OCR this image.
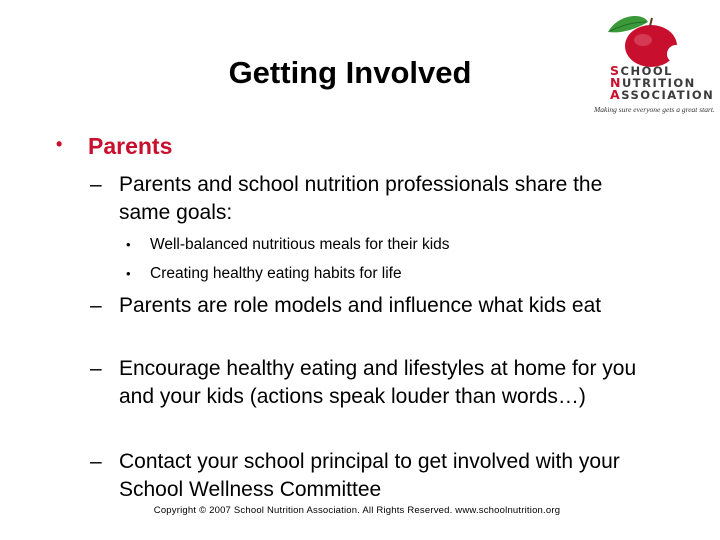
Getting Involved	SCHOOL
NUTRITION
ASSOCIATION
Making sure everyone gets a great start.
• Parents
– Parents and school nutrition professionals share the same goals:
• Well-balanced nutritious meals for their kids
• Creating healthy eating habits for life
– Parents are role models and influence what kids eat
– Encourage healthy eating and lifestyles at home for you and your kids (actions speak louder than words…)
– Contact your school principal to get involved with your School Wellness Committee
Copyright © 2007 School Nutrition Association. All Rights Reserved. www.schoolnutrition.org
